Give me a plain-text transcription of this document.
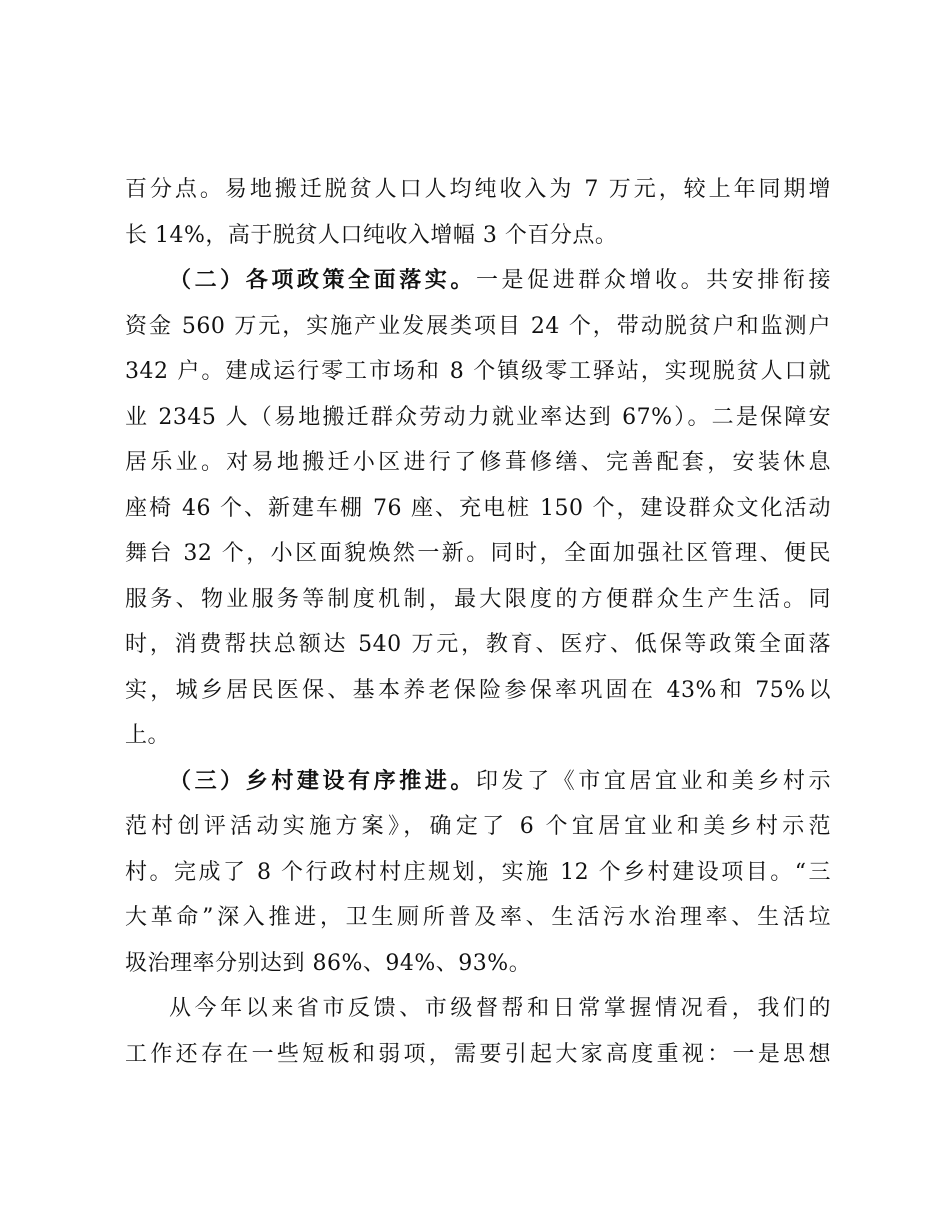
百分点。易地搬迁脱贫人口人均纯收入为 7 万元，较上年同期增
长 14%，高于脱贫人口纯收入增幅 3 个百分点。
（二）各项政策全面落实。一是促进群众增收。共安排衔接
资金 560 万元，实施产业发展类项目 24 个，带动脱贫户和监测户
342 户。建成运行零工市场和 8 个镇级零工驿站，实现脱贫人口就
业 2345 人（易地搬迁群众劳动力就业率达到 67%）。二是保障安
居乐业。对易地搬迁小区进行了修葺修缮、完善配套，安装休息
座椅 46 个、新建车棚 76 座、充电桩 150 个，建设群众文化活动
舞台 32 个，小区面貌焕然一新。同时，全面加强社区管理、便民
服务、物业服务等制度机制，最大限度的方便群众生产生活。同
时，消费帮扶总额达 540 万元，教育、医疗、低保等政策全面落
实，城乡居民医保、基本养老保险参保率巩固在 43%和 75%以
上。
（三）乡村建设有序推进。印发了《市宜居宜业和美乡村示
范村创评活动实施方案》，确定了 6 个宜居宜业和美乡村示范
村。完成了 8 个行政村村庄规划，实施 12 个乡村建设项目。“三
大革命”深入推进，卫生厕所普及率、生活污水治理率、生活垃
圾治理率分别达到 86%、94%、93%。
从今年以来省市反馈、市级督帮和日常掌握情况看，我们的
工作还存在一些短板和弱项，需要引起大家高度重视：一是思想
